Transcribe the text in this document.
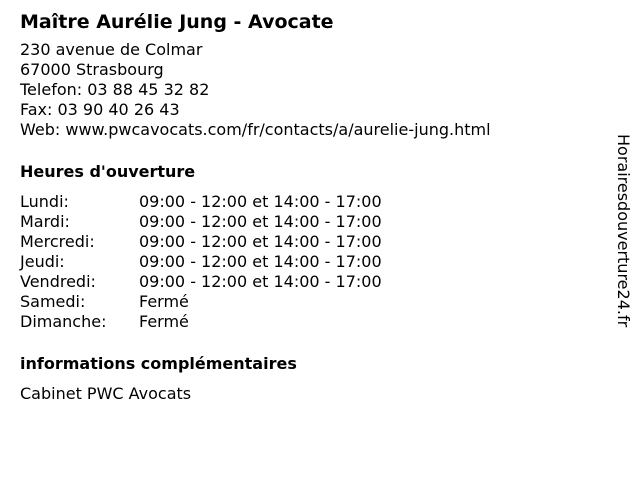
Maître Aurélie Jung - Avocate
230 avenue de Colmar
67000 Strasbourg
Telefon: 03 88 45 32 82
Fax: 03 90 40 26 43
Web: www.pwcavocats.com/fr/contacts/a/aurelie-jung.html
Heures d'ouverture
Lundi:	09:00 - 12:00 et 14:00 - 17:00
Mardi:	09:00 - 12:00 et 14:00 - 17:00
Mercredi:	09:00 - 12:00 et 14:00 - 17:00
Jeudi:	09:00 - 12:00 et 14:00 - 17:00
Vendredi:	09:00 - 12:00 et 14:00 - 17:00
Samedi:	Fermé
Dimanche:	Fermé
informations complémentaires
Cabinet PWC Avocats
Horairesdouverture24.fr
